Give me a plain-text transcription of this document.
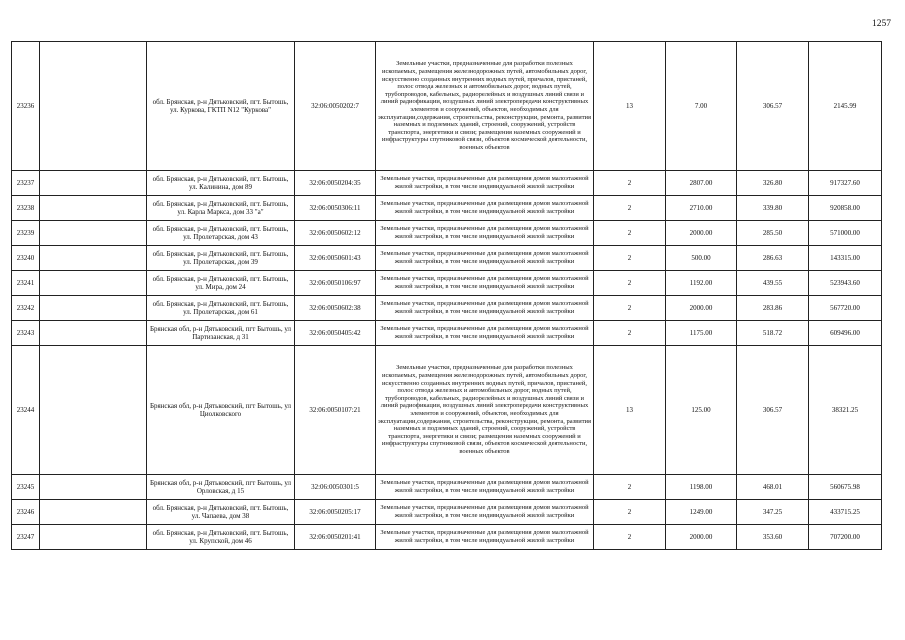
1257
23236		обл. Брянская, р-н Дятьковский, пгт. Бытошь, ул. Куркова, ГКТП N12 "Куркова"	32:06:0050202:7	Земельные участки, предназначенные для разработки полезных ископаемых, размещения железнодорожных путей, автомобильных дорог, искусственно созданных внутренних водных путей, причалов, пристаней, полос отвода железных и автомобильных дорог, водных путей, трубопроводов, кабельных, радиорелейных и воздушных линий связи и линий радиофикации, воздушных линий электропередачи конструктивных элементов и сооружений, объектов, необходимых для эксплуатации,содержания, строительства, реконструкции, ремонта, развития наземных и подземных зданий, строений, сооружений, устройств транспорта, энергетики и связи; размещения наземных сооружений и инфраструктуры спутниковой связи, объектов космической деятельности, военных объектов	13	7.00	306.57	2145.99
23237		обл. Брянская, р-н Дятьковский, пгт. Бытошь, ул. Калинина, дом 89	32:06:0050204:35	Земельные участки, предназначенные для размещения домов малоэтажной жилой застройки, в том числе индивидуальной жилой застройки	2	2807.00	326.80	917327.60
23238		обл. Брянская, р-н Дятьковский, пгт. Бытошь, ул. Карла Маркса, дом 33 "а"	32:06:0050306:11	Земельные участки, предназначенные для размещения домов малоэтажной жилой застройки, в том числе индивидуальной жилой застройки	2	2710.00	339.80	920858.00
23239		обл. Брянская, р-н Дятьковский, пгт. Бытошь, ул. Пролетарская, дом 43	32:06:0050602:12	Земельные участки, предназначенные для размещения домов малоэтажной жилой застройки, в том числе индивидуальной жилой застройки	2	2000.00	285.50	571000.00
23240		обл. Брянская, р-н Дятьковский, пгт. Бытошь, ул. Пролетарская, дом 39	32:06:0050601:43	Земельные участки, предназначенные для размещения домов малоэтажной жилой застройки, в том числе индивидуальной жилой застройки	2	500.00	286.63	143315.00
23241		обл. Брянская, р-н Дятьковский, пгт. Бытошь, ул. Мира, дом 24	32:06:0050106:97	Земельные участки, предназначенные для размещения домов малоэтажной жилой застройки, в том числе индивидуальной жилой застройки	2	1192.00	439.55	523943.60
23242		обл. Брянская, р-н Дятьковский, пгт. Бытошь, ул. Пролетарская, дом 61	32:06:0050602:38	Земельные участки, предназначенные для размещения домов малоэтажной жилой застройки, в том числе индивидуальной жилой застройки	2	2000.00	283.86	567720.00
23243		Брянская обл, р-н Дятьковский, пгт Бытошь, ул Партизанская, д 31	32:06:0050405:42	Земельные участки, предназначенные для размещения домов малоэтажной жилой застройки, в том числе индивидуальной жилой застройки	2	1175.00	518.72	609496.00
23244		Брянская обл, р-н Дятьковский, пгт Бытошь, ул Циолковского	32:06:0050107:21	Земельные участки, предназначенные для разработки полезных ископаемых, размещения железнодорожных путей, автомобильных дорог, искусственно созданных внутренних водных путей, причалов, пристаней, полос отвода железных и автомобильных дорог, водных путей, трубопроводов, кабельных, радиорелейных и воздушных линий связи и линий радиофикации, воздушных линий электропередачи конструктивных элементов и сооружений, объектов, необходимых для эксплуатации,содержания, строительства, реконструкции, ремонта, развития наземных и подземных зданий, строений, сооружений, устройств транспорта, энергетики и связи; размещения наземных сооружений и инфраструктуры спутниковой связи, объектов космической деятельности, военных объектов	13	125.00	306.57	38321.25
23245		Брянская обл, р-н Дятьковский, пгт Бытошь, ул Орловская, д 15	32:06:0050301:5	Земельные участки, предназначенные для размещения домов малоэтажной жилой застройки, в том числе индивидуальной жилой застройки	2	1198.00	468.01	560675.98
23246		обл. Брянская, р-н Дятьковский, пгт. Бытошь, ул. Чапаева, дом 38	32:06:0050205:17	Земельные участки, предназначенные для размещения домов малоэтажной жилой застройки, в том числе индивидуальной жилой застройки	2	1249.00	347.25	433715.25
23247		обл. Брянская, р-н Дятьковский, пгт. Бытошь, ул. Крупской, дом 46	32:06:0050201:41	Земельные участки, предназначенные для размещения домов малоэтажной жилой застройки, в том числе индивидуальной жилой застройки	2	2000.00	353.60	707200.00
